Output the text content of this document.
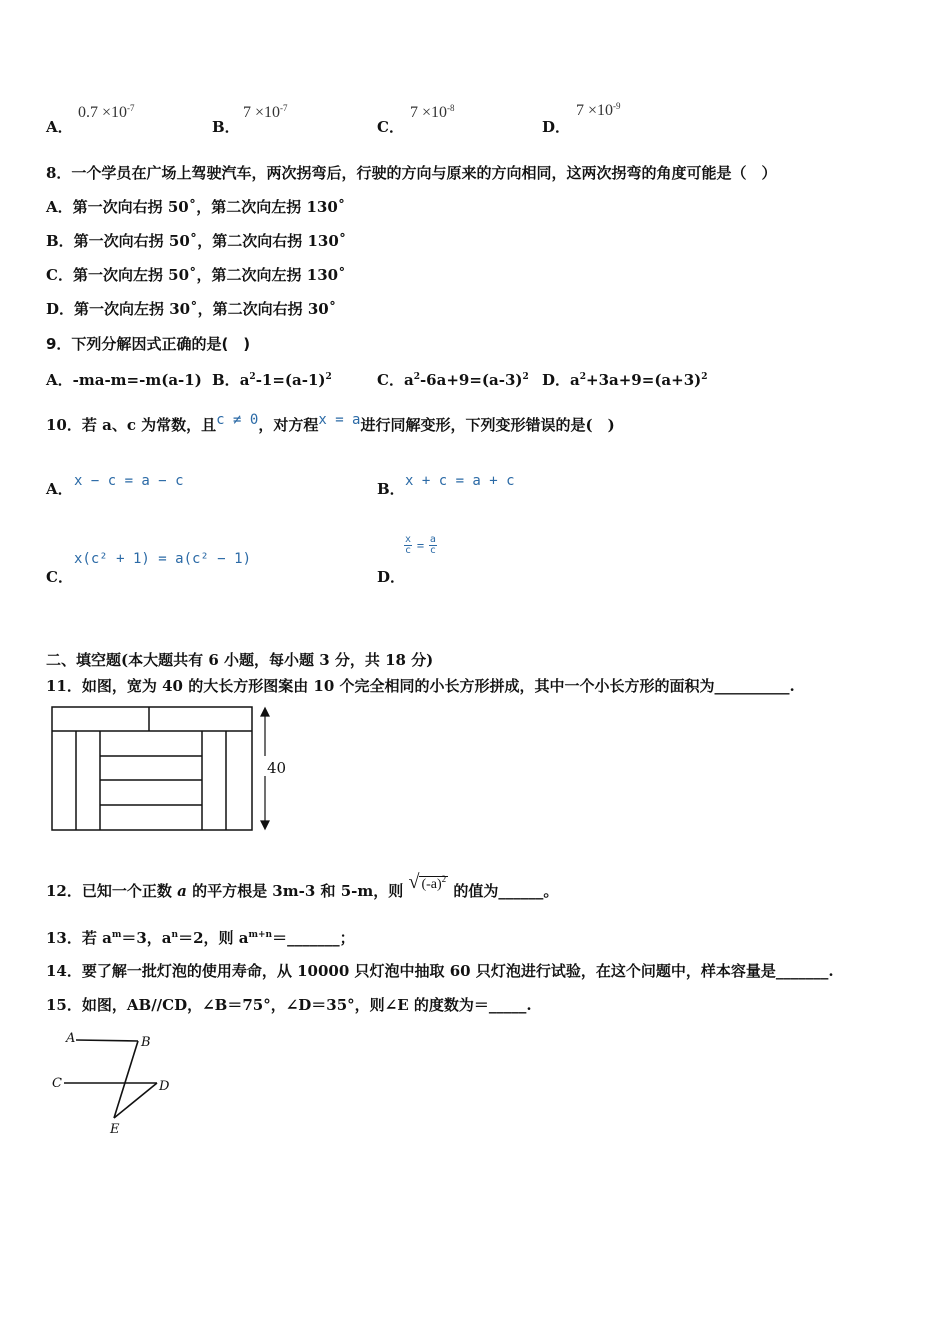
A．
$0.7 \times 10^{-7}$
B．
$7 \times 10^{-7}$
C．
$7 \times 10^{-8}$
D．
$7 \times 10^{-9}$
8．一个学员在广场上驾驶汽车，两次拐弯后，行驶的方向与原来的方向相同，这两次拐弯的角度可能是（　）
A．第一次向右拐 50˚，第二次向左拐 130˚
B．第一次向右拐 50˚，第二次向右拐 130˚
C．第一次向左拐 50˚，第二次向左拐 130˚
D．第一次向左拐 30˚，第二次向右拐 30˚
9．下列分解因式正确的是(　)
A．-ma-m=-m(a-1) B．$a^2-1=(a-1)^2$	C．$a^2-6a+9=(a-3)^2$ D．$a^2+3a+9=(a+3)^2$
10．若 a、c 为常数，且c ≠ 0，对方程x = a进行同解变形，下列变形错误的是(　)
A． x − c = a − c	B． x + c = a + c
C．
x(c² + 1) = a(c² − 1)
D．
$\frac{x}{c} = \frac{a}{c}$
二、填空题(本大题共有 6 小题，每小题 3 分，共 18 分)
11．如图，宽为 40 的大长方形图案由 10 个完全相同的小长方形拼成，其中一个小长方形的面积为__________.
40
12．已知一个正数 a 的平方根是 3m-3 和 5-m，则 √ $(-a)^2$ 的值为______。
13．若 $a^m=3$，$a^n=2$，则 $a^{m+n}=\_\_\_\_\_\_\_$；
14．要了解一批灯泡的使用寿命，从 10000 只灯泡中抽取 60 只灯泡进行试验，在这个问题中，样本容量是_______.
15．如图，AB//CD，∠B＝75°，∠D＝35°，则∠E 的度数为＝_____.
A	B
C	D
E
